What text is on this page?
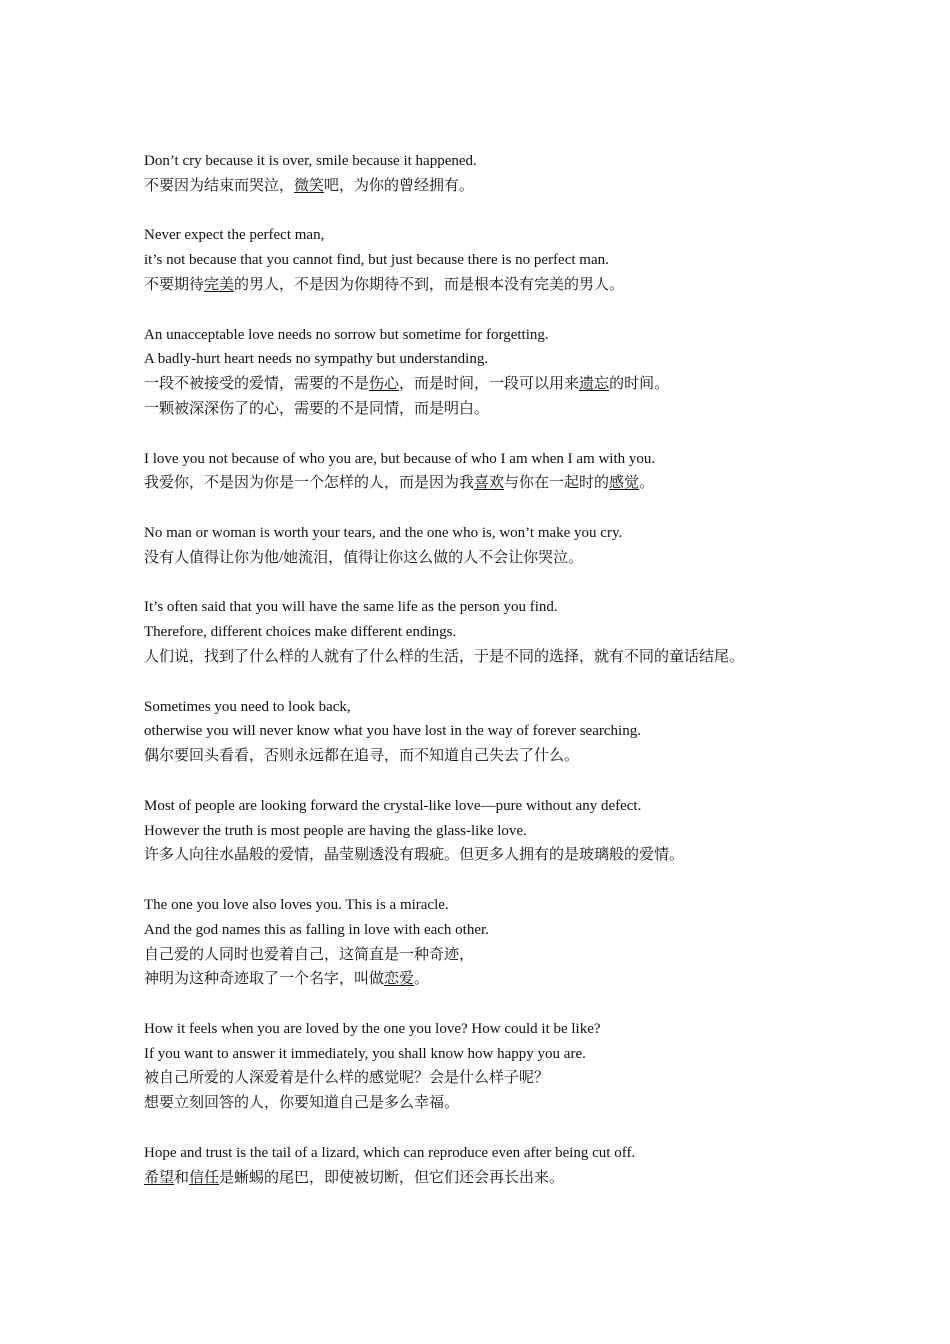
Don’t cry because it is over, smile because it happened.
不要因为结束而哭泣，微笑吧，为你的曾经拥有。
Never expect the perfect man,
it’s not because that you cannot find, but just because there is no perfect man.
不要期待完美的男人，不是因为你期待不到，而是根本没有完美的男人。
An unacceptable love needs no sorrow but sometime for forgetting.
A badly-hurt heart needs no sympathy but understanding.
一段不被接受的爱情，需要的不是伤心，而是时间，一段可以用来遗忘的时间。
一颗被深深伤了的心，需要的不是同情，而是明白。
I love you not because of who you are, but because of who I am when I am with you.
我爱你，不是因为你是一个怎样的人，而是因为我喜欢与你在一起时的感觉。
No man or woman is worth your tears, and the one who is, won’t make you cry.
没有人值得让你为他/她流泪，值得让你这么做的人不会让你哭泣。
It’s often said that you will have the same life as the person you find.
Therefore, different choices make different endings.
人们说，找到了什么样的人就有了什么样的生活，于是不同的选择，就有不同的童话结尾。
Sometimes you need to look back,
otherwise you will never know what you have lost in the way of forever searching.
偶尔要回头看看，否则永远都在追寻，而不知道自己失去了什么。
Most of people are looking forward the crystal-like love—pure without any defect.
However the truth is most people are having the glass-like love.
许多人向往水晶般的爱情，晶莹剔透没有瑕疵。但更多人拥有的是玻璃般的爱情。
The one you love also loves you. This is a miracle.
And the god names this as falling in love with each other.
自己爱的人同时也爱着自己，这简直是一种奇迹，
神明为这种奇迹取了一个名字，叫做恋爱。
How it feels when you are loved by the one you love? How could it be like?
If you want to answer it immediately, you shall know how happy you are.
被自己所爱的人深爱着是什么样的感觉呢？会是什么样子呢？
想要立刻回答的人，你要知道自己是多么幸福。
Hope and trust is the tail of a lizard, which can reproduce even after being cut off.
希望和信任是蜥蜴的尾巴，即使被切断，但它们还会再长出来。
